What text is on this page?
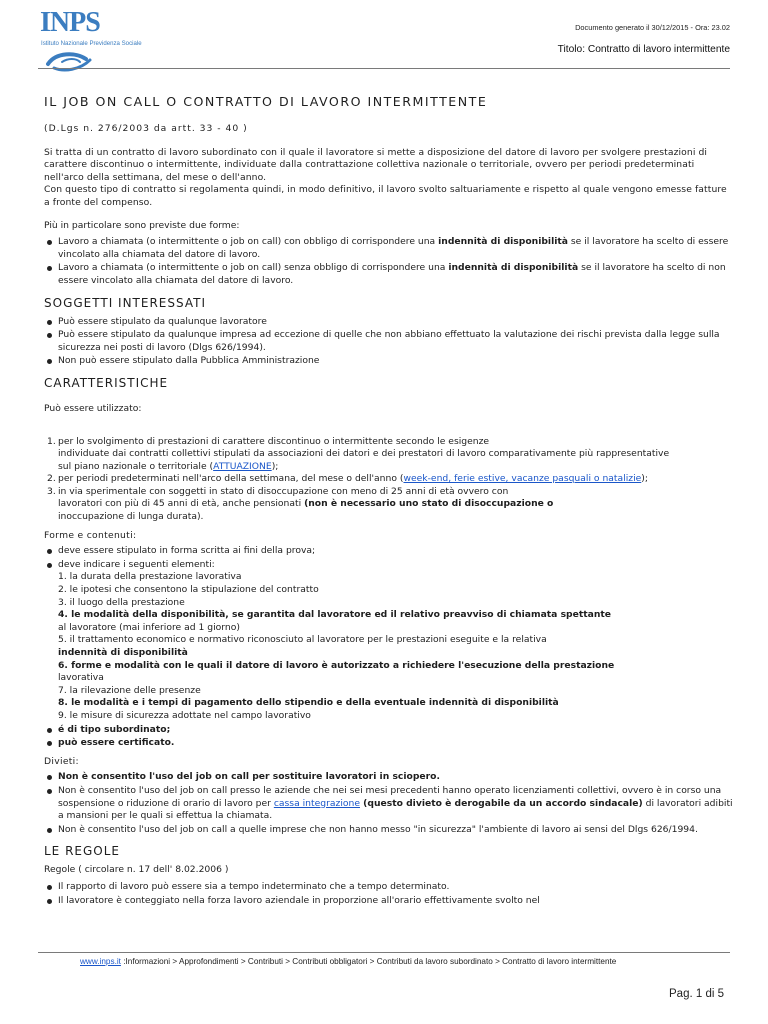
INPS
Istituto Nazionale Previdenza Sociale
Documento generato il 30/12/2015 - Ora: 23.02
Titolo: Contratto di lavoro intermittente
IL JOB ON CALL O CONTRATTO DI LAVORO INTERMITTENTE

(D.Lgs n. 276/2003 da artt. 33 - 40 )

Si tratta di un contratto di lavoro subordinato con il quale il lavoratore si mette a disposizione del datore di lavoro per svolgere prestazioni di carattere discontinuo o intermittente, individuate dalla contrattazione collettiva nazionale o territoriale, ovvero per periodi predeterminati nell'arco della settimana, del mese o dell'anno.
Con questo tipo di contratto si regolamenta quindi, in modo definitivo, il lavoro svolto saltuariamente e rispetto al quale vengono emesse fatture a fronte del compenso.

Più in particolare sono previste due forme:

Lavoro a chiamata (o intermittente o job on call) con obbligo di corrispondere una indennità di disponibilità se il lavoratore ha scelto di essere vincolato alla chiamata del datore di lavoro.
Lavoro a chiamata (o intermittente o job on call) senza obbligo di corrispondere una indennità di disponibilità se il lavoratore ha scelto di non essere vincolato alla chiamata del datore di lavoro.
SOGGETTI INTERESSATI
Può essere stipulato da qualunque lavoratore
Può essere stipulato da qualunque impresa ad eccezione di quelle che non abbiano effettuato la valutazione dei rischi prevista dalla legge sulla sicurezza nei posti di lavoro (Dlgs 626/1994).
Non può essere stipulato dalla Pubblica Amministrazione
CARATTERISTICHE

Può essere utilizzato:

1. per lo svolgimento di prestazioni di carattere discontinuo o intermittente secondo le esigenze
individuate dai contratti collettivi stipulati da associazioni dei datori e dei prestatori di lavoro comparativamente più rappresentative
sul piano nazionale o territoriale (ATTUAZIONE);
2. per periodi predeterminati nell'arco della settimana, del mese o dell'anno (week-end, ferie estive, vacanze pasquali o natalizie);
3. in via sperimentale con soggetti in stato di disoccupazione con meno di 25 anni di età ovvero con
lavoratori con più di 45 anni di età, anche pensionati (non è necessario uno stato di disoccupazione o
inoccupazione di lunga durata).

Forme e contenuti:

deve essere stipulato in forma scritta ai fini della prova;
deve indicare i seguenti elementi:
1. la durata della prestazione lavorativa
2. le ipotesi che consentono la stipulazione del contratto
3. il luogo della prestazione
4. le modalità della disponibilità, se garantita dal lavoratore ed il relativo preavviso di chiamata spettante
al lavoratore (mai inferiore ad 1 giorno)
5. il trattamento economico e normativo riconosciuto al lavoratore per le prestazioni eseguite e la relativa
indennità di disponibilità
6. forme e modalità con le quali il datore di lavoro è autorizzato a richiedere l'esecuzione della prestazione
lavorativa
7. la rilevazione delle presenze
8. le modalità e i tempi di pagamento dello stipendio e della eventuale indennità di disponibilità
9. le misure di sicurezza adottate nel campo lavorativo
é di tipo subordinato;
può essere certificato.

Divieti:

Non è consentito l'uso del job on call per sostituire lavoratori in sciopero.
Non è consentito l'uso del job on call presso le aziende che nei sei mesi precedenti hanno operato licenziamenti collettivi, ovvero è in corso una sospensione o riduzione di orario di lavoro per cassa integrazione (questo divieto è derogabile da un accordo sindacale) di lavoratori adibiti a mansioni per le quali si effettua la chiamata.
Non è consentito l'uso del job on call a quelle imprese che non hanno messo "in sicurezza" l'ambiente di lavoro ai sensi del Dlgs 626/1994.
LE REGOLE

Regole ( circolare n. 17 dell' 8.02.2006 )

Il rapporto di lavoro può essere sia a tempo indeterminato che a tempo determinato.
Il lavoratore è conteggiato nella forza lavoro aziendale in proporzione all'orario effettivamente svolto nel
www.inps.it :Informazioni > Approfondimenti > Contributi > Contributi obbligatori > Contributi da lavoro subordinato > Contratto di lavoro intermittente
Pag. 1 di 5
